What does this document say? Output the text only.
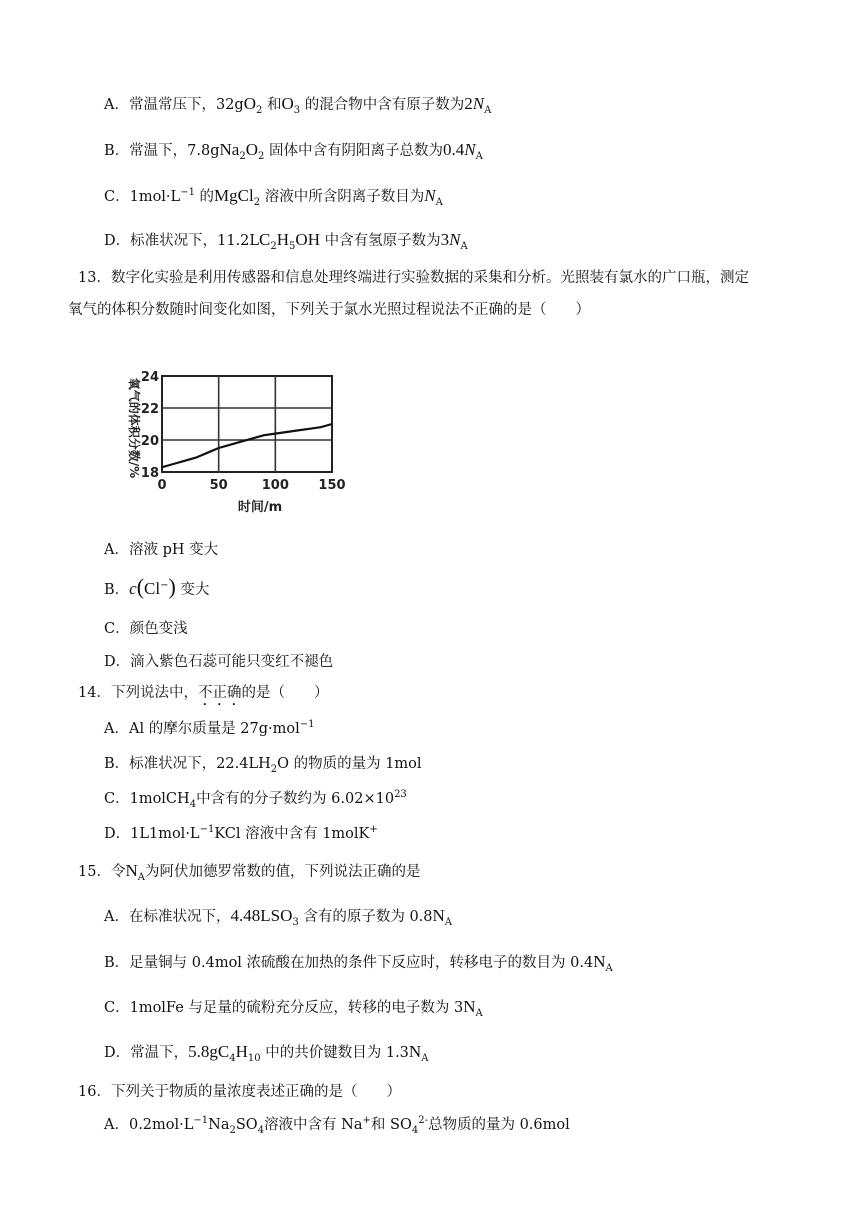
A．常温常压下，$32gO_2$ 和$O_3$ 的混合物中含有原子数为$2N_A$
B．常温下，$7.8gNa_2O_2$ 固体中含有阴阳离子总数为$0.4N_A$
C．$1mol\cdot L^{-1}$ 的MgCl$_2$ 溶液中所含阴离子数目为$N_A$
D．标准状况下，$11.2LC_2H_5OH$ 中含有氢原子数为$3N_A$
13．数字化实验是利用传感器和信息处理终端进行实验数据的采集和分析。光照装有氯水的广口瓶，测定
氧气的体积分数随时间变化如图，下列关于氯水光照过程说法不正确的是（　　）
0	50	100 150
18
20
22
24
氧气的体积分数/%
时间/m
A．溶液 pH 变大
B．c(Cl−) 变大
C．颜色变浅
D．滴入紫色石蕊可能只变红不褪色
14．下列说法中，不正确的是（　　）
A．Al 的摩尔质量是 27g·mol$^{-1}$
B．标准状况下，$22.4LH_2O$ 的物质的量为 1mol
C．1molCH$_4$中含有的分子数约为 $6.02\times 10^{23}$
D．$1L1mol\cdot L^{-1}KCl$ 溶液中含有 1molK+
15．令$N_A$为阿伏加德罗常数的值，下列说法正确的是
A．在标准状况下，$4.48LSO_3$ 含有的原子数为 $0.8N_A$
B．足量铜与 0.4mol 浓硫酸在加热的条件下反应时，转移电子的数目为 $0.4N_A$
C．1molFe 与足量的硫粉充分反应，转移的电子数为 $3N_A$
D．常温下，$5.8gC_4H_{10}$ 中的共价键数目为 $1.3N_A$
16．下列关于物质的量浓度表述正确的是（　　）
A．$0.2mol\cdot L^{-1}Na_2SO_4$溶液中含有 Na+和 $SO_4^{2-}$总物质的量为 0.6mol
